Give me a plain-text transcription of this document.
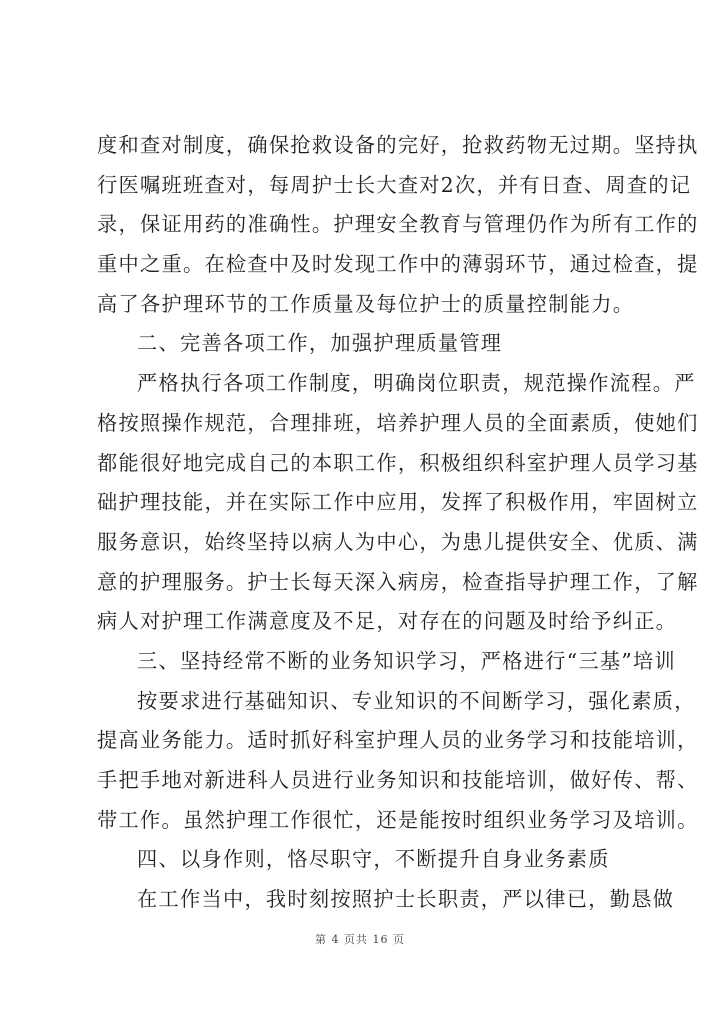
度和查对制度，确保抢救设备的完好，抢救药物无过期。坚持执
行医嘱班班查对，每周护士长大查对2次，并有日查、周查的记
录，保证用药的准确性。护理安全教育与管理仍作为所有工作的
重中之重。在检查中及时发现工作中的薄弱环节，通过检查，提
高了各护理环节的工作质量及每位护士的质量控制能力。
二、完善各项工作，加强护理质量管理
严格执行各项工作制度，明确岗位职责，规范操作流程。严
格按照操作规范，合理排班，培养护理人员的全面素质，使她们
都能很好地完成自己的本职工作，积极组织科室护理人员学习基
础护理技能，并在实际工作中应用，发挥了积极作用，牢固树立
服务意识，始终坚持以病人为中心，为患儿提供安全、优质、满
意的护理服务。护士长每天深入病房，检查指导护理工作，了解
病人对护理工作满意度及不足，对存在的问题及时给予纠正。
三、坚持经常不断的业务知识学习，严格进行“三基”培训
按要求进行基础知识、专业知识的不间断学习，强化素质，
提高业务能力。适时抓好科室护理人员的业务学习和技能培训，
手把手地对新进科人员进行业务知识和技能培训，做好传、帮、
带工作。虽然护理工作很忙，还是能按时组织业务学习及培训。
四、以身作则，恪尽职守，不断提升自身业务素质
在工作当中，我时刻按照护士长职责，严以律已，勤恳做
第 4 页共 16 页
